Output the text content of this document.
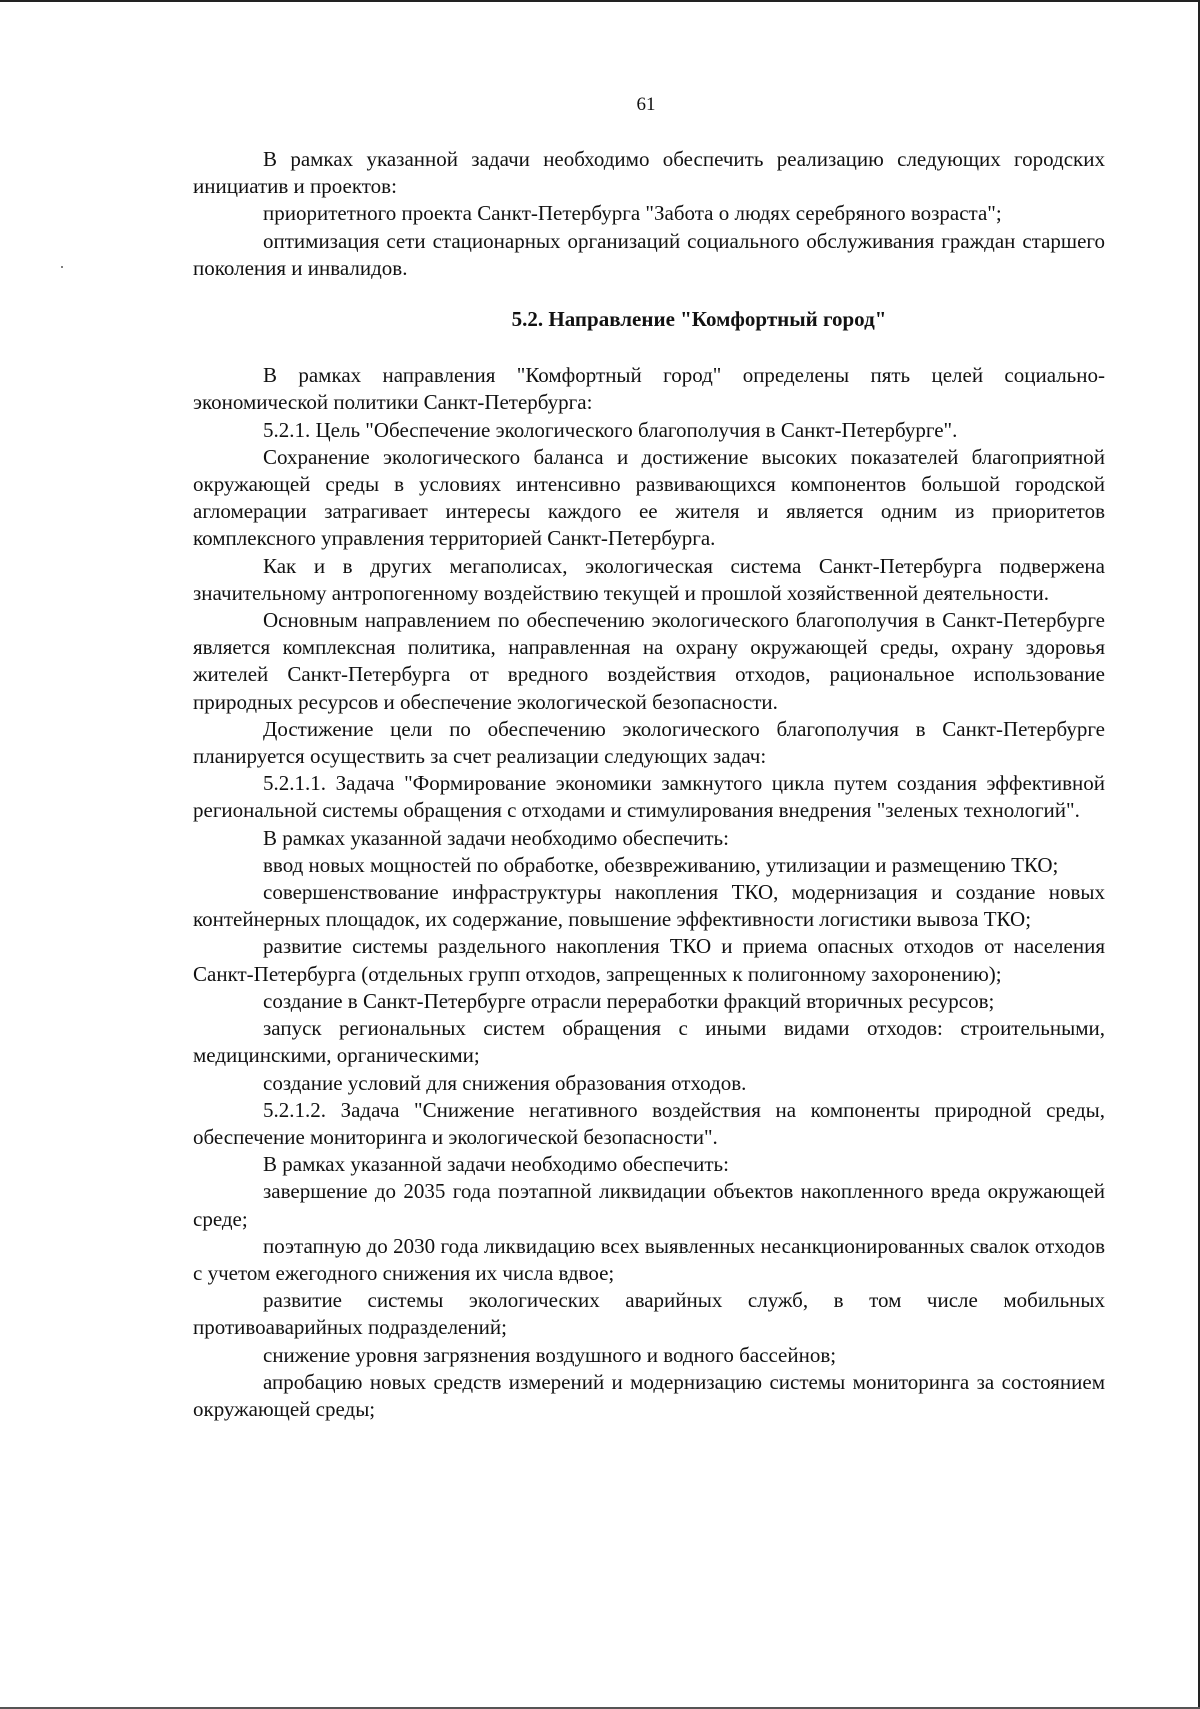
61

В рамках указанной задачи необходимо обеспечить реализацию следующих городских инициатив и проектов:

приоритетного проекта Санкт-Петербурга "Забота о людях серебряного возраста";

оптимизация сети стационарных организаций социального обслуживания граждан старшего поколения и инвалидов.

5.2. Направление "Комфортный город"

В рамках направления "Комфортный город" определены пять целей социально-экономической политики Санкт-Петербурга:

5.2.1. Цель "Обеспечение экологического благополучия в Санкт-Петербурге".

Сохранение экологического баланса и достижение высоких показателей благоприятной окружающей среды в условиях интенсивно развивающихся компонентов большой городской агломерации затрагивает интересы каждого ее жителя и является одним из приоритетов комплексного управления территорией Санкт-Петербурга.

Как и в других мегаполисах, экологическая система Санкт-Петербурга подвержена значительному антропогенному воздействию текущей и прошлой хозяйственной деятельности.

Основным направлением по обеспечению экологического благополучия в Санкт-Петербурге является комплексная политика, направленная на охрану окружающей среды, охрану здоровья жителей Санкт-Петербурга от вредного воздействия отходов, рациональное использование природных ресурсов и обеспечение экологической безопасности.

Достижение цели по обеспечению экологического благополучия в Санкт-Петербурге планируется осуществить за счет реализации следующих задач:

5.2.1.1. Задача "Формирование экономики замкнутого цикла путем создания эффективной региональной системы обращения с отходами и стимулирования внедрения "зеленых технологий".

В рамках указанной задачи необходимо обеспечить:

ввод новых мощностей по обработке, обезвреживанию, утилизации и размещению ТКО;

совершенствование инфраструктуры накопления ТКО, модернизация и создание новых контейнерных площадок, их содержание, повышение эффективности логистики вывоза ТКО;

развитие системы раздельного накопления ТКО и приема опасных отходов от населения Санкт-Петербурга (отдельных групп отходов, запрещенных к полигонному захоронению);

создание в Санкт-Петербурге отрасли переработки фракций вторичных ресурсов;

запуск региональных систем обращения с иными видами отходов: строительными, медицинскими, органическими;

создание условий для снижения образования отходов.

5.2.1.2. Задача "Снижение негативного воздействия на компоненты природной среды, обеспечение мониторинга и экологической безопасности".

В рамках указанной задачи необходимо обеспечить:

завершение до 2035 года поэтапной ликвидации объектов накопленного вреда окружающей среде;

поэтапную до 2030 года ликвидацию всех выявленных несанкционированных свалок отходов с учетом ежегодного снижения их числа вдвое;

развитие системы экологических аварийных служб, в том числе мобильных противоаварийных подразделений;

снижение уровня загрязнения воздушного и водного бассейнов;

апробацию новых средств измерений и модернизацию системы мониторинга за состоянием окружающей среды;
